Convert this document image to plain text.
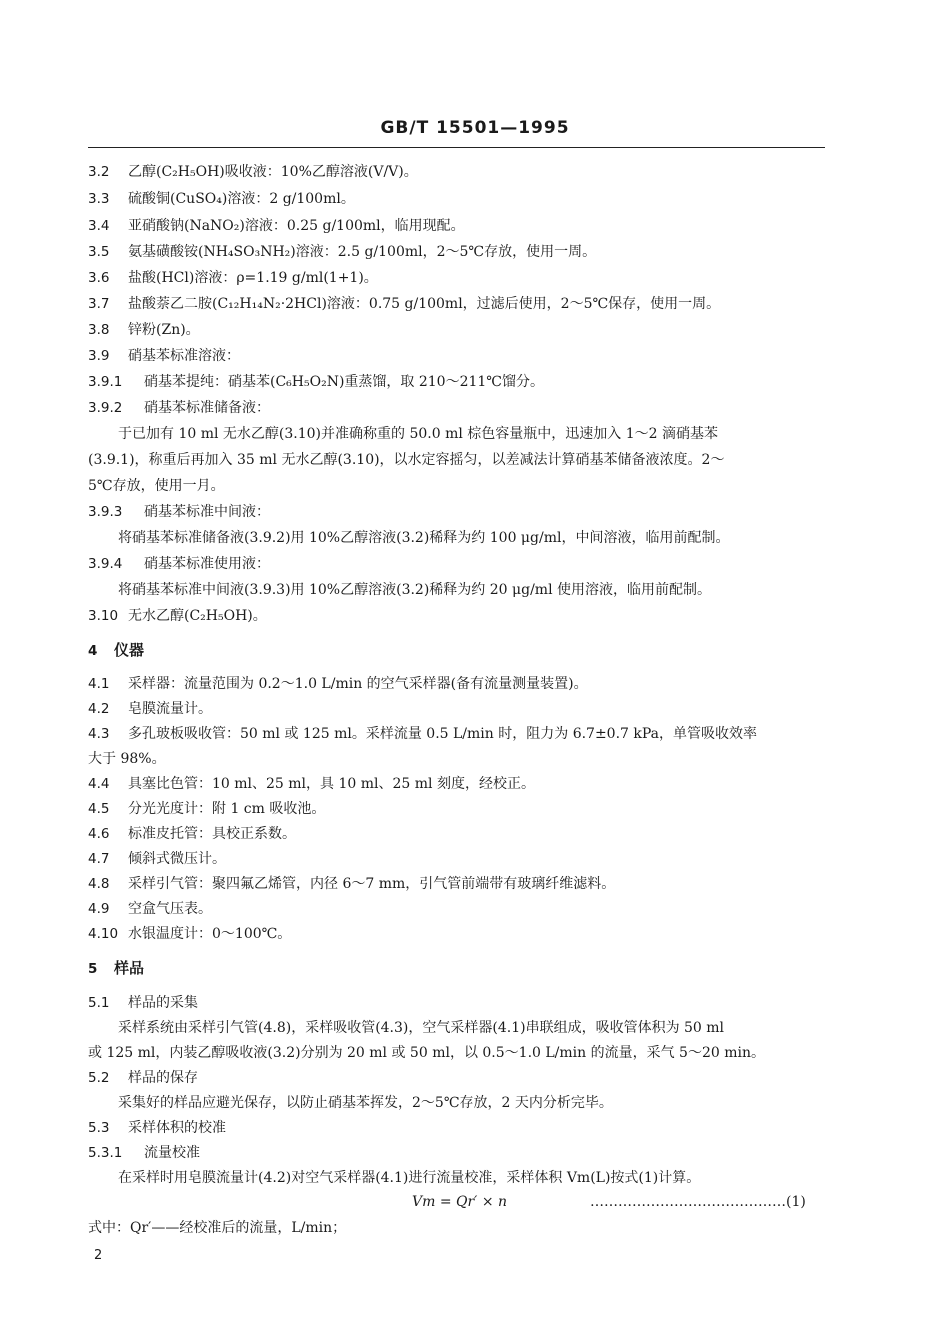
GB/T 15501—1995
3.2 乙醇(C₂H₅OH)吸收液：10%乙醇溶液(V/V)。
3.3 硫酸铜(CuSO₄)溶液：2 g/100ml。
3.4 亚硝酸钠(NaNO₂)溶液：0.25 g/100ml，临用现配。
3.5 氨基磺酸铵(NH₄SO₃NH₂)溶液：2.5 g/100ml，2～5℃存放，使用一周。
3.6 盐酸(HCl)溶液：ρ=1.19 g/ml(1+1)。
3.7 盐酸萘乙二胺(C₁₂H₁₄N₂·2HCl)溶液：0.75 g/100ml，过滤后使用，2～5℃保存，使用一周。
3.8 锌粉(Zn)。
3.9 硝基苯标准溶液：
3.9.1 硝基苯提纯：硝基苯(C₆H₅O₂N)重蒸馏，取 210～211℃馏分。
3.9.2 硝基苯标准储备液：
于已加有 10 ml 无水乙醇(3.10)并准确称重的 50.0 ml 棕色容量瓶中，迅速加入 1～2 滴硝基苯
(3.9.1)，称重后再加入 35 ml 无水乙醇(3.10)，以水定容摇匀，以差减法计算硝基苯储备液浓度。2～
5℃存放，使用一月。
3.9.3 硝基苯标准中间液：
将硝基苯标准储备液(3.9.2)用 10%乙醇溶液(3.2)稀释为约 100 μg/ml，中间溶液，临用前配制。
3.9.4 硝基苯标准使用液：
将硝基苯标准中间液(3.9.3)用 10%乙醇溶液(3.2)稀释为约 20 μg/ml 使用溶液，临用前配制。
3.10 无水乙醇(C₂H₅OH)。
4 仪器
4.1 采样器：流量范围为 0.2～1.0 L/min 的空气采样器(备有流量测量装置)。
4.2 皂膜流量计。
4.3 多孔玻板吸收管：50 ml 或 125 ml。采样流量 0.5 L/min 时，阻力为 6.7±0.7 kPa，单管吸收效率
大于 98%。
4.4 具塞比色管：10 ml、25 ml，具 10 ml、25 ml 刻度，经校正。
4.5 分光光度计：附 1 cm 吸收池。
4.6 标准皮托管：具校正系数。
4.7 倾斜式微压计。
4.8 采样引气管：聚四氟乙烯管，内径 6～7 mm，引气管前端带有玻璃纤维滤料。
4.9 空盒气压表。
4.10 水银温度计：0～100℃。
5 样品
5.1 样品的采集
采样系统由采样引气管(4.8)，采样吸收管(4.3)，空气采样器(4.1)串联组成，吸收管体积为 50 ml
或 125 ml，内装乙醇吸收液(3.2)分别为 20 ml 或 50 ml，以 0.5～1.0 L/min 的流量，采气 5～20 min。
5.2 样品的保存
采集好的样品应避光保存，以防止硝基苯挥发，2～5℃存放，2 天内分析完毕。
5.3 采样体积的校准
5.3.1 流量校准
在采样时用皂膜流量计(4.2)对空气采样器(4.1)进行流量校准，采样体积 Vm(L)按式(1)计算。
Vm = Qr′ × n	……………………………………(1)
式中：Qr′——经校准后的流量，L/min；
2
